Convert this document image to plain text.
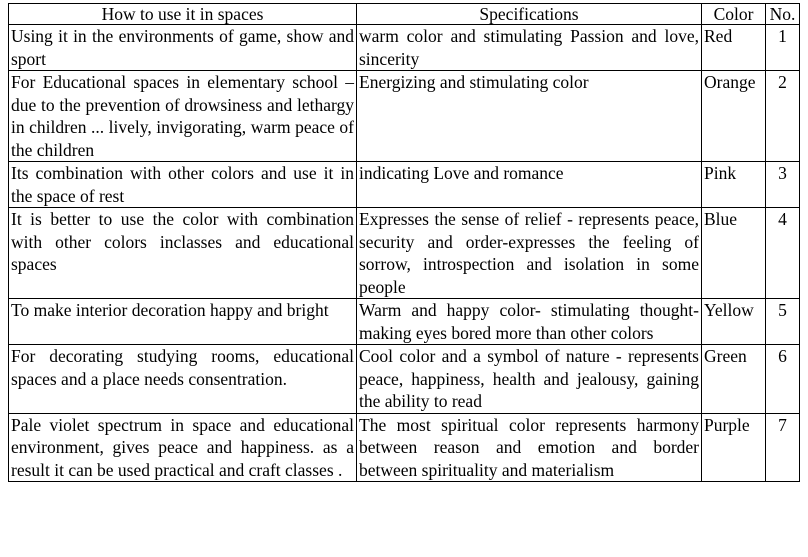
How to use it in spaces	Specifications	Color	No.
Using it in the environments of game, show and sport	warm color and stimulating Passion and love, sincerity	Red	1
For Educational spaces in elementary school – due to the prevention of drowsiness and lethargy in children ... lively, invigorating, warm peace of the children	Energizing and stimulating color	Orange	2
Its combination with other colors and use it in the space of rest	indicating Love and romance	Pink	3
It is better to use the color with combination with other colors inclasses and educational spaces	Expresses the sense of relief - represents peace, security and order-expresses the feeling of sorrow, introspection and isolation in some people	Blue	4
To make interior decoration happy and bright	Warm and happy color- stimulating thought- making eyes bored more than other colors	Yellow	5
For decorating studying rooms, educational spaces and a place needs consentration.	Cool color and a symbol of nature - represents peace, happiness, health and jealousy, gaining the ability to read	Green	6
Pale violet spectrum in space and educational environment, gives peace and happiness. as a result it can be used practical and craft classes .	The most spiritual color represents harmony between reason and emotion and border between spirituality and materialism	Purple	7
